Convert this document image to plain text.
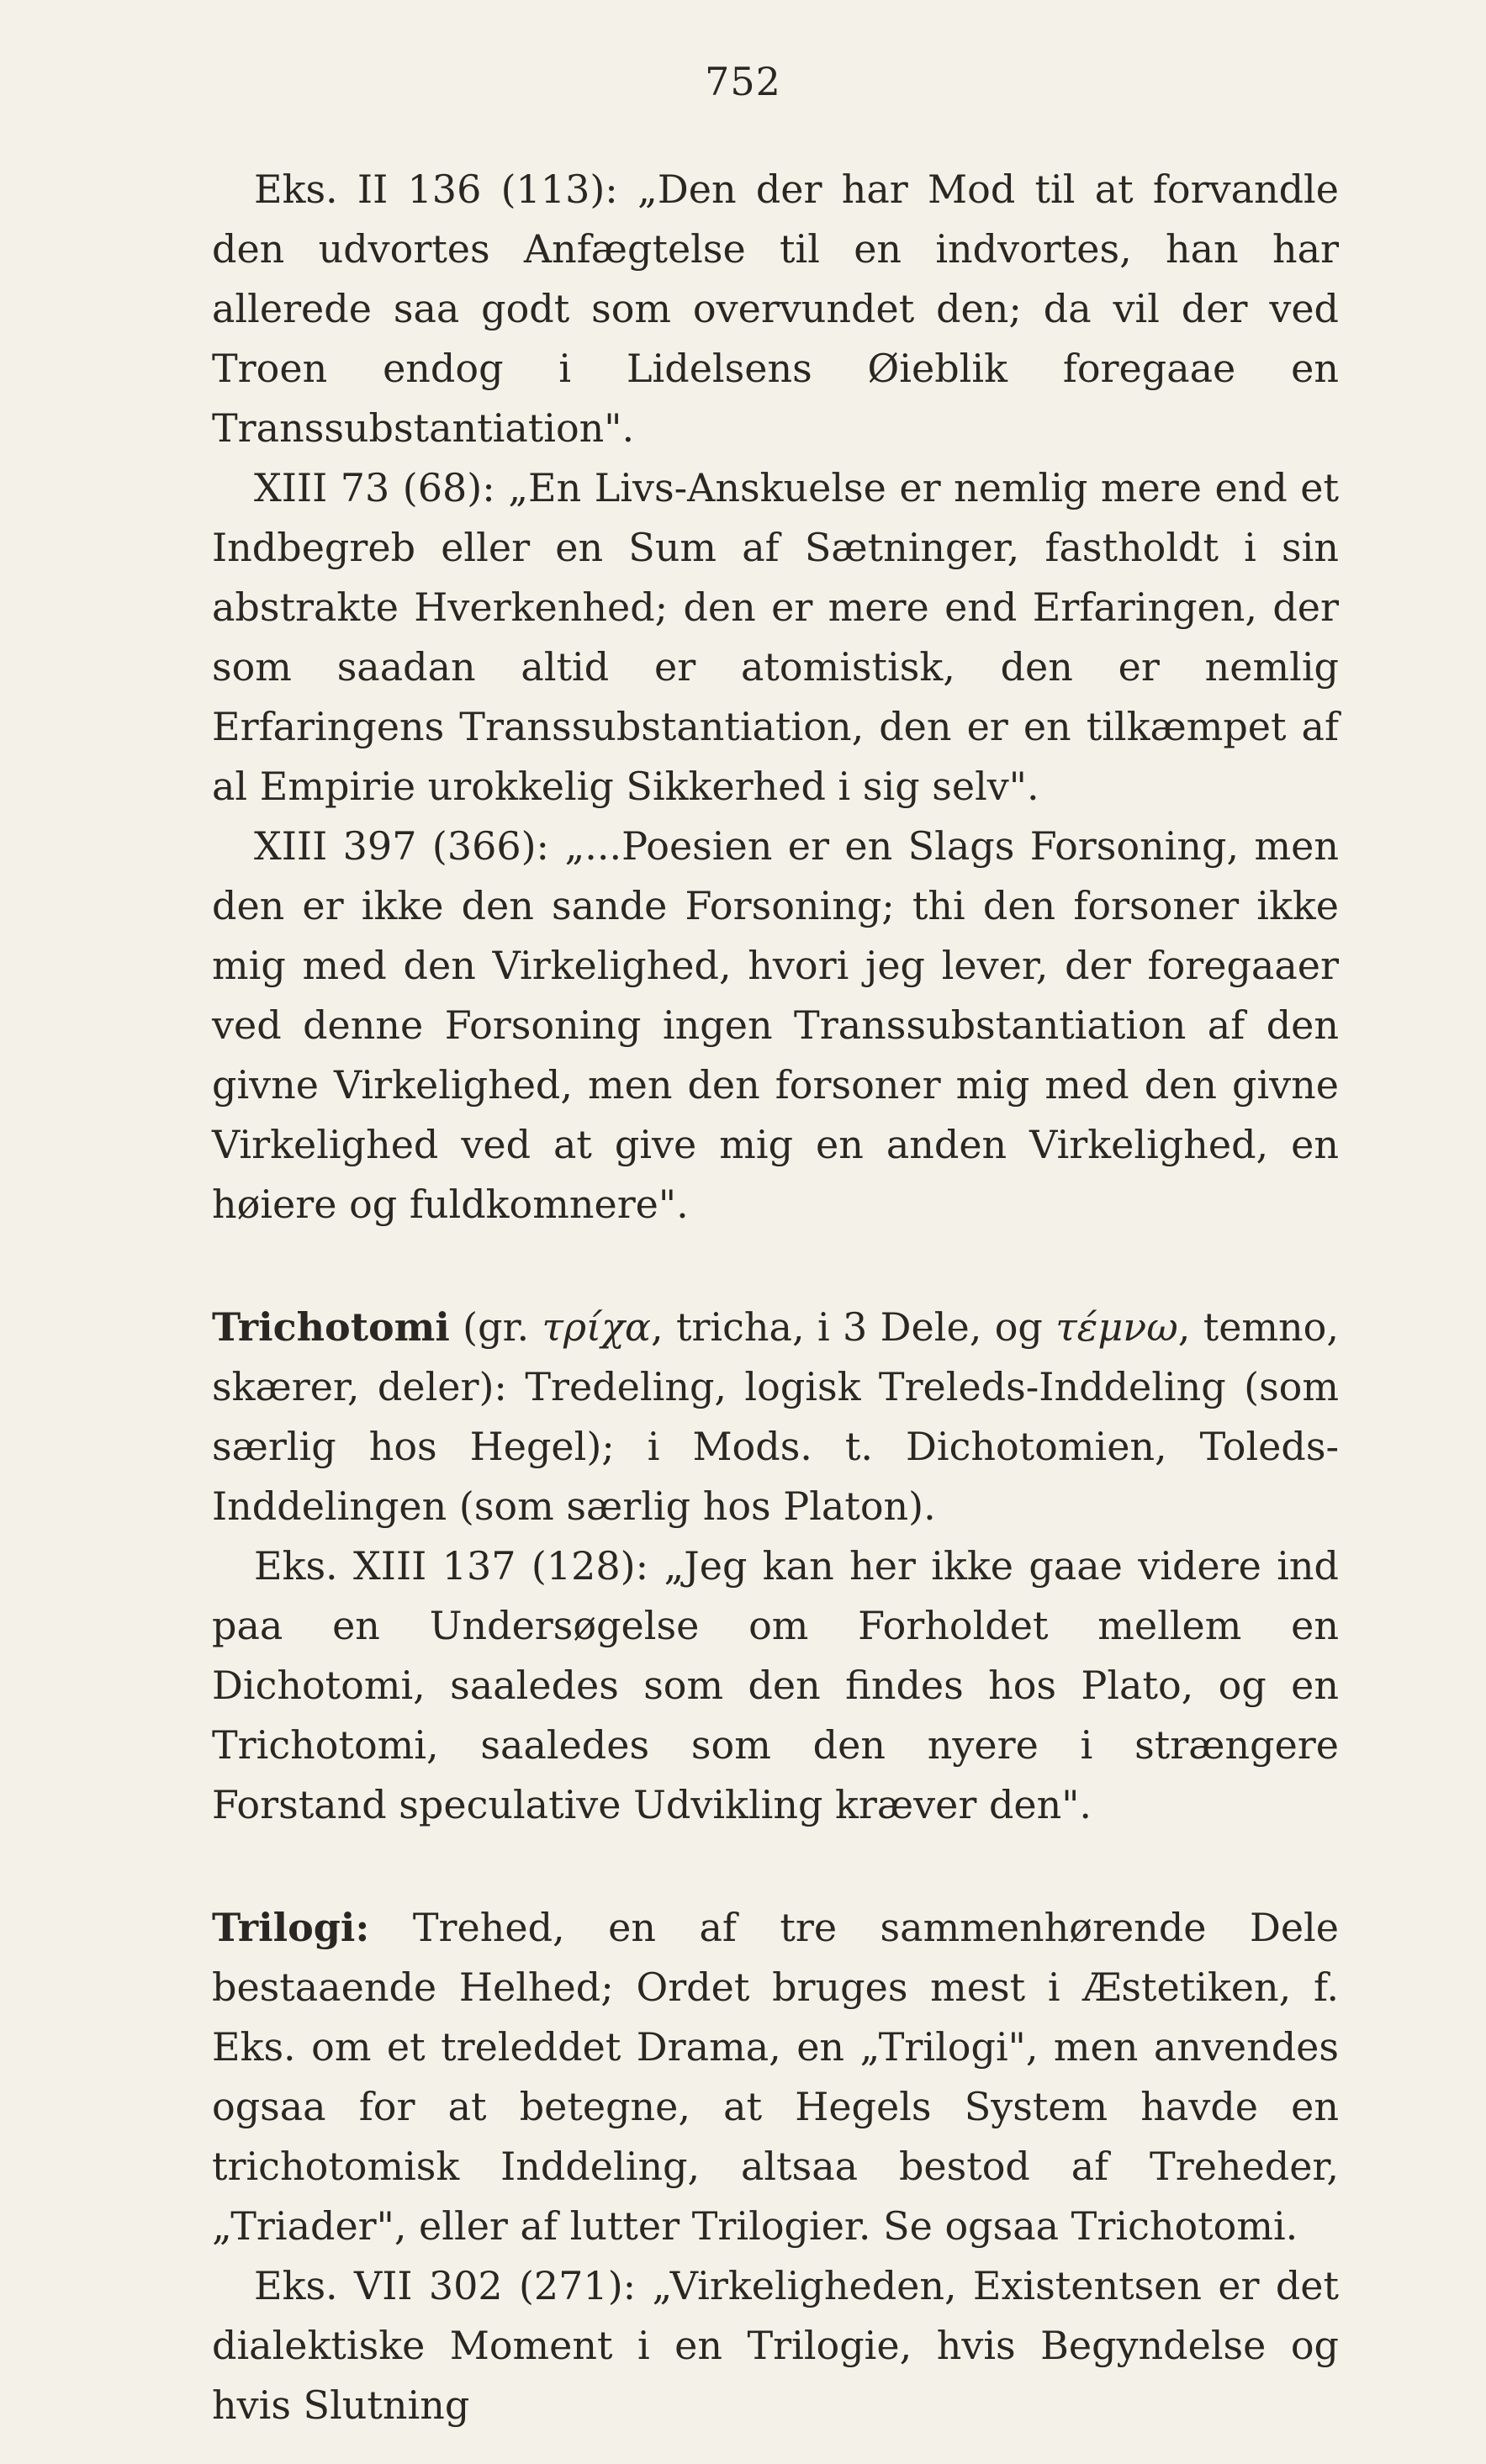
752

Eks. II 136 (113): „Den der har Mod til at forvandle den udvortes Anfægtelse til en indvortes, han har allerede saa godt som overvundet den; da vil der ved Troen endog i Lidelsens Øieblik foregaae en Transsubstantiation".

XIII 73 (68): „En Livs-Anskuelse er nemlig mere end et Indbegreb eller en Sum af Sætninger, fastholdt i sin abstrakte Hverkenhed; den er mere end Erfaringen, der som saadan altid er atomistisk, den er nemlig Erfaringens Transsubstantiation, den er en tilkæmpet af al Empirie urokkelig Sikkerhed i sig selv".

XIII 397 (366): „...Poesien er en Slags Forsoning, men den er ikke den sande Forsoning; thi den forsoner ikke mig med den Virkelighed, hvori jeg lever, der foregaaer ved denne Forsoning ingen Transsubstantiation af den givne Virkelighed, men den forsoner mig med den givne Virkelighed ved at give mig en anden Virkelighed, en høiere og fuldkomnere".

Trichotomi (gr. τρίχα, tricha, i 3 Dele, og τέμνω, temno, skærer, deler): Tredeling, logisk Treleds-Inddeling (som særlig hos Hegel); i Mods. t. Dichotomien, Toleds-Inddelingen (som særlig hos Platon).

Eks. XIII 137 (128): „Jeg kan her ikke gaae videre ind paa en Undersøgelse om Forholdet mellem en Dichotomi, saaledes som den findes hos Plato, og en Trichotomi, saaledes som den nyere i strængere Forstand speculative Udvikling kræver den".

Trilogi: Trehed, en af tre sammenhørende Dele bestaaende Helhed; Ordet bruges mest i Æstetiken, f. Eks. om et treleddet Drama, en „Trilogi", men anvendes ogsaa for at betegne, at Hegels System havde en trichotomisk Inddeling, altsaa bestod af Treheder, „Triader", eller af lutter Trilogier. Se ogsaa Trichotomi.

Eks. VII 302 (271): „Virkeligheden, Existentsen er det dialektiske Moment i en Trilogie, hvis Begyndelse og hvis Slutning
